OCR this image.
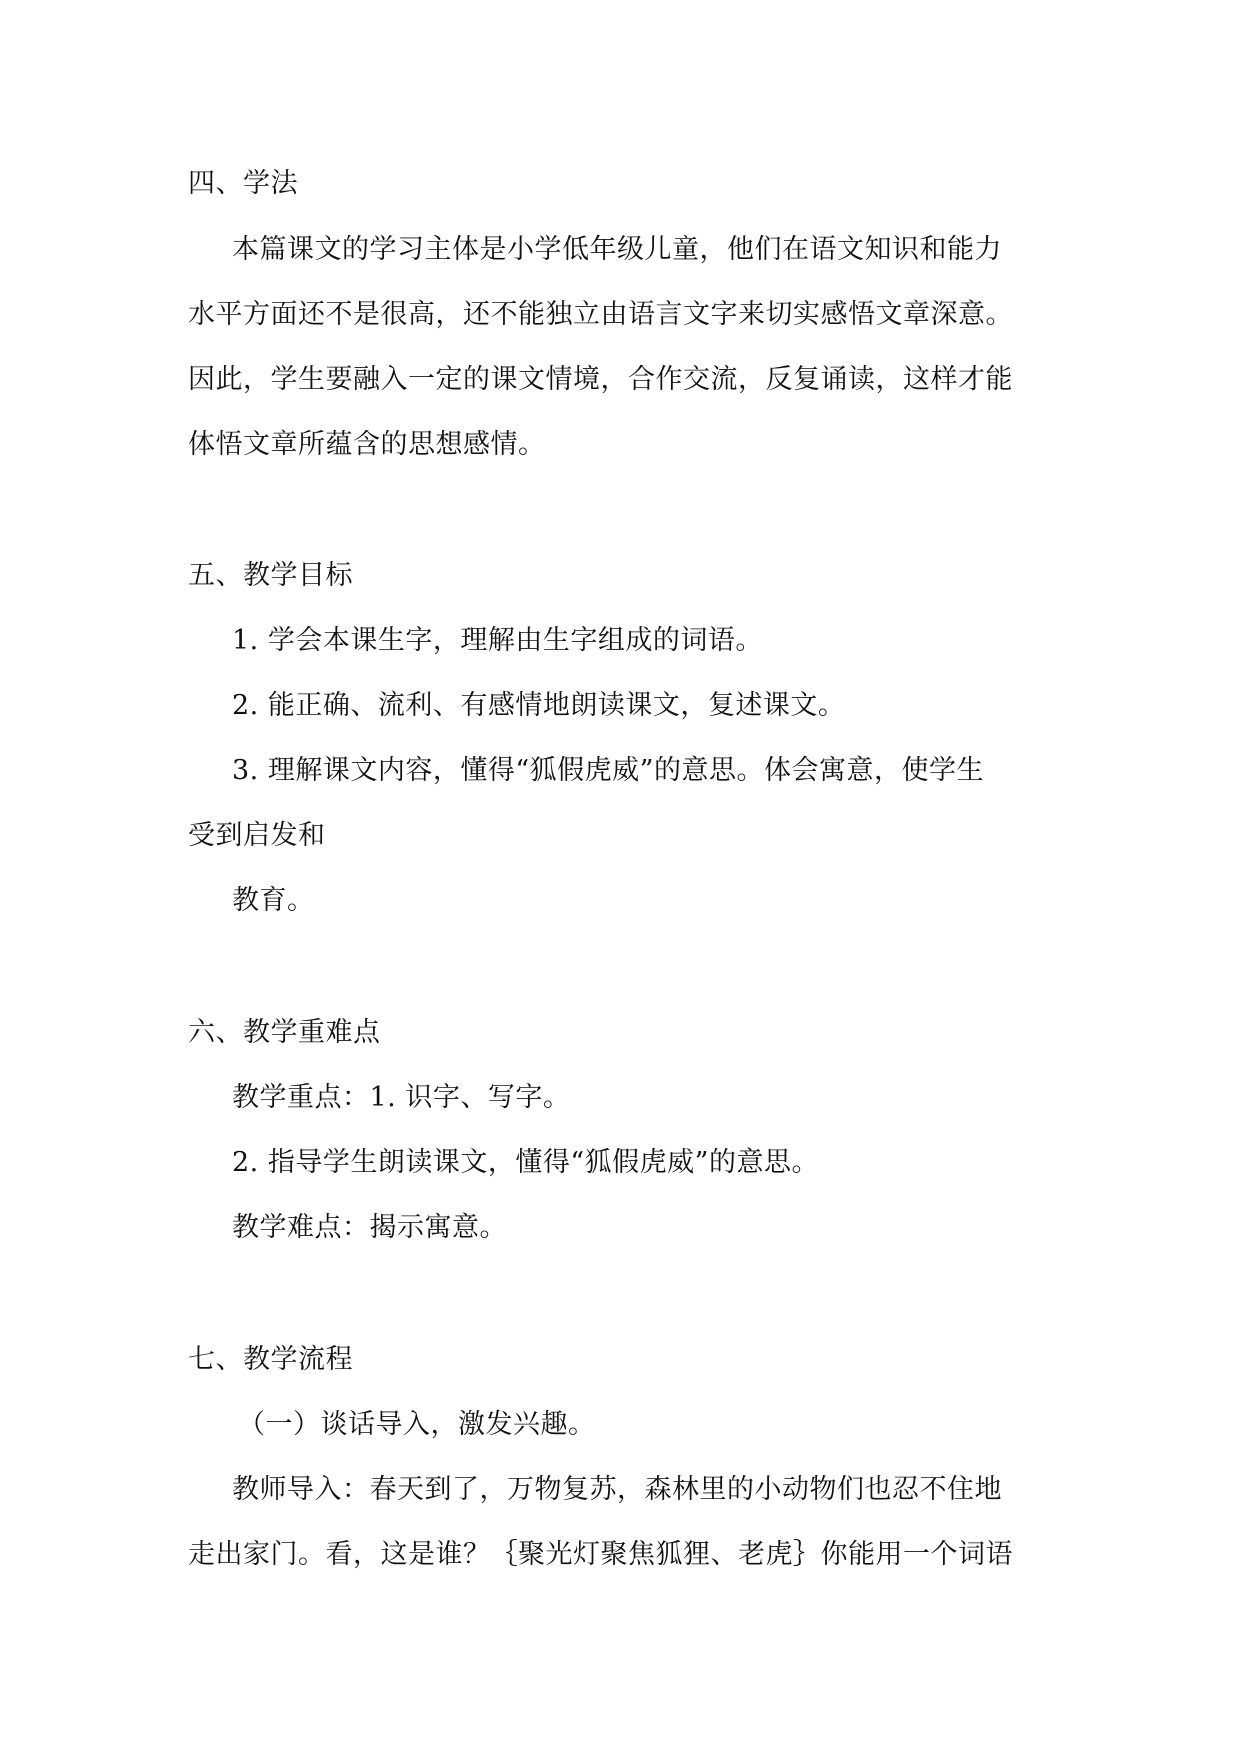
四、学法
本篇课文的学习主体是小学低年级儿童，他们在语文知识和能力
水平方面还不是很高，还不能独立由语言文字来切实感悟文章深意。
因此，学生要融入一定的课文情境，合作交流，反复诵读，这样才能
体悟文章所蕴含的思想感情。
五、教学目标
1. 学会本课生字，理解由生字组成的词语。
2. 能正确、流利、有感情地朗读课文，复述课文。
3. 理解课文内容，懂得“狐假虎威”的意思。体会寓意，使学生
受到启发和
教育。
六、教学重难点
教学重点：1. 识字、写字。
2. 指导学生朗读课文，懂得“狐假虎威”的意思。
教学难点：揭示寓意。
七、教学流程
（一）谈话导入，激发兴趣。
教师导入：春天到了，万物复苏，森林里的小动物们也忍不住地
走出家门。看，这是谁？｛聚光灯聚焦狐狸、老虎｝你能用一个词语
